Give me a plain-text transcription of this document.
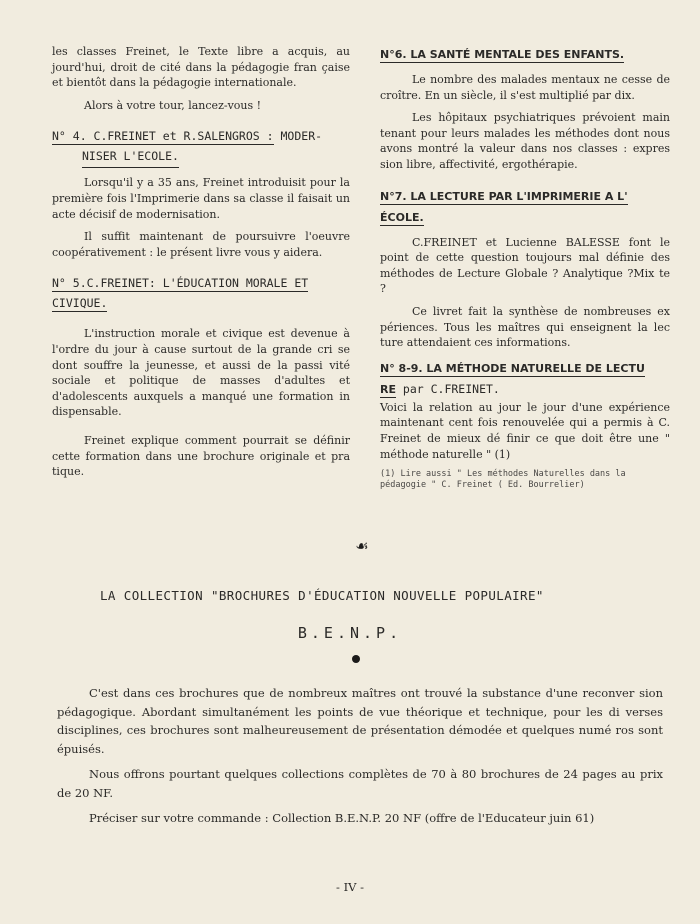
les classes Freinet, le Texte libre a acquis, au jourd'hui, droit de cité dans la pédagogie fran çaise et bientôt dans la pédagogie internationale.

Alors à votre tour, lancez-vous !

N° 4. C.FREINET et R.SALENGROS : MODER-
NISER L'ECOLE.

Lorsqu'il y a 35 ans, Freinet introduisit pour la première fois l'Imprimerie dans sa classe il faisait un acte décisif de modernisation.

Il suffit maintenant de poursuivre l'oeuvre coopérativement : le présent livre vous y aidera.

N° 5.C.FREINET: L'ÉDUCATION MORALE ET
CIVIQUE.

L'instruction morale et civique est devenue à l'ordre du jour à cause surtout de la grande cri se dont souffre la jeunesse, et aussi de la passi vité sociale et politique de masses d'adultes et d'adolescents auxquels a manqué une formation in dispensable.

Freinet explique comment pourrait se définir cette formation dans une brochure originale et pra tique.

N°6. LA SANTÉ MENTALE DES ENFANTS.

Le nombre des malades mentaux ne cesse de croître. En un siècle, il s'est multiplié par dix.

Les hôpitaux psychiatriques prévoient main tenant pour leurs malades les méthodes dont nous avons montré la valeur dans nos classes : expres sion libre, affectivité, ergothérapie.

N°7. LA LECTURE PAR L'IMPRIMERIE A L'
ÉCOLE.

C.FREINET et Lucienne BALESSE font le point de cette question toujours mal définie des méthodes de Lecture Globale ? Analytique ?Mix te ?

Ce livret fait la synthèse de nombreuses ex périences. Tous les maîtres qui enseignent la lec ture attendaient ces informations.

N° 8-9. LA MÉTHODE NATURELLE DE LECTU
RE par C.FREINET.

Voici la relation au jour le jour d'une expérience maintenant cent fois renouvelée qui a permis à C. Freinet de mieux dé finir ce que doit être une " méthode naturelle " (1)

(1) Lire aussi " Les méthodes Naturelles dans la pédagogie " C. Freinet ( Ed. Bourrelier)
☙
LA COLLECTION "BROCHURES D'ÉDUCATION NOUVELLE POPULAIRE"
B.E.N.P.

C'est dans ces brochures que de nombreux maîtres ont trouvé la substance d'une reconver sion pédagogique. Abordant simultanément les points de vue théorique et technique, pour les di verses disciplines, ces brochures sont malheureusement de présentation démodée et quelques numé ros sont épuisés.

Nous offrons pourtant quelques collections complètes de 70 à 80 brochures de 24 pages au prix de 20 NF.

Préciser sur votre commande : Collection B.E.N.P. 20 NF (offre de l'Educateur juin 61)

- IV -
